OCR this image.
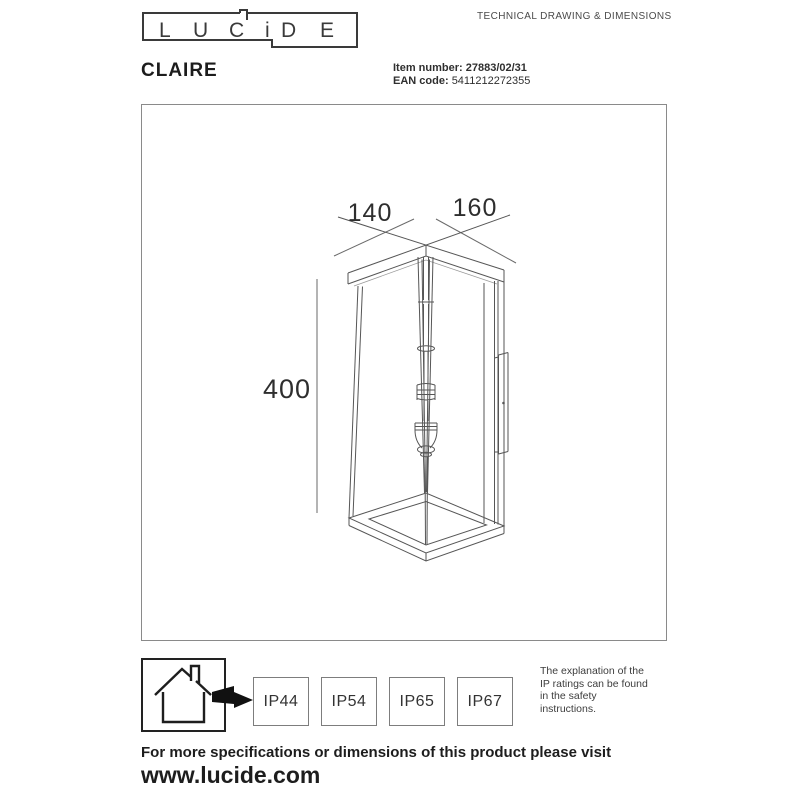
L U C i D E
TECHNICAL DRAWING & DIMENSIONS
CLAIRE	Item number: 27883/02/31
EAN code: 5411212272355
140 160
400
IP44 IP54 IP65 IP67
The explanation of the
IP ratings can be found
in the safety
instructions.
For more specifications or dimensions of this product please visit
www.lucide.com
